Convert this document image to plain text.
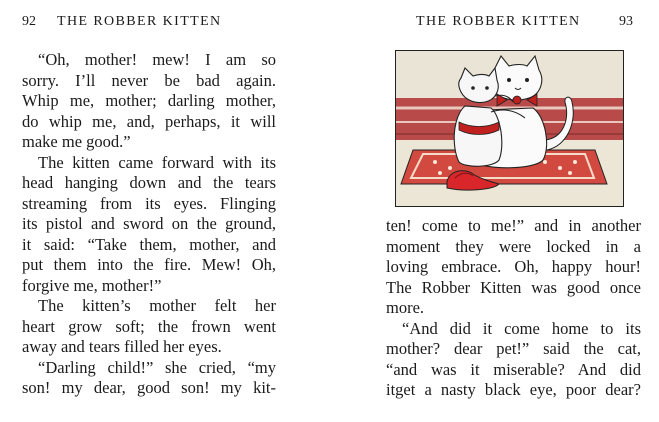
92 THE ROBBER KITTEN
“Oh, mother! mew! I am so
sorry. I’ll never be bad again.
Whip me, mother; darling mother,
do whip me, and, perhaps, it will
make me good.”
The kitten came forward with its
head hanging down and the tears
streaming from its eyes. Flinging
its pistol and sword on the ground,
it said: “Take them, mother, and
put them into the fire. Mew! Oh,
forgive me, mother!”
The kitten’s mother felt her
heart grow soft; the frown went
away and tears filled her eyes.
“Darling child!” she cried, “my
son! my dear, good son! my kit-
THE ROBBER KITTEN	93
ten! come to me!” and in another
moment they were locked in a
loving embrace. Oh, happy hour!
The Robber Kitten was good once
more.
“And did it come home to its
mother? dear pet!” said the cat,
“and was it miserable? And did
itget a nasty black eye, poor dear?
